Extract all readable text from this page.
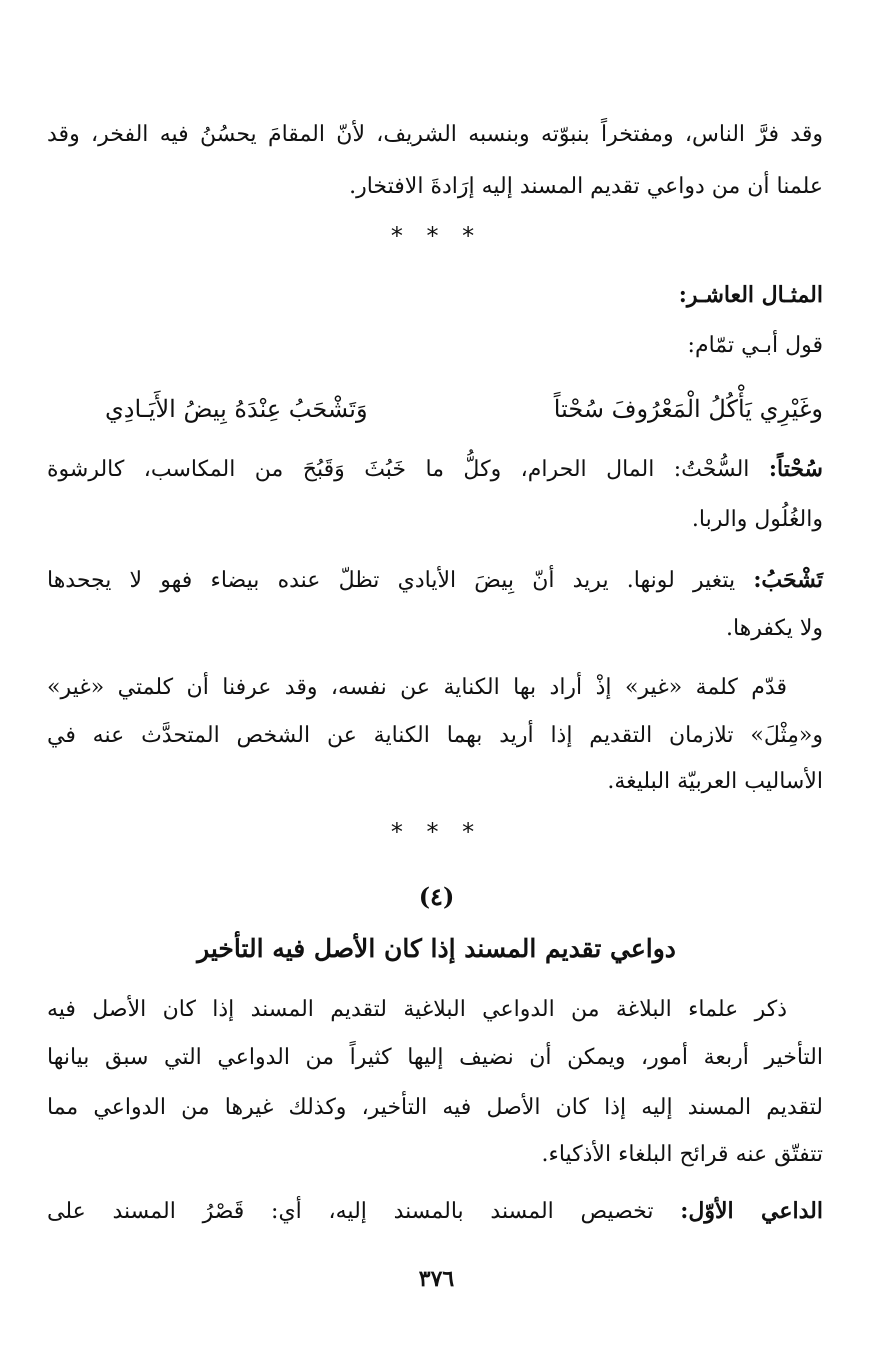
وقد فرَّ الناس، ومفتخراً بنبوّته وبنسبه الشريف، لأنّ المقامَ يحسُنُ فيه الفخر، وقد
علمنا أن من دواعي تقديم المسند إليه إرَادةَ الافتخار.
* * *
المثـال العاشـر:
قول أبـي تمّام:
وغَيْرِي يَأْكُلُ الْمَعْرُوفَ سُحْتاً
وَتَشْحَبُ عِنْدَهُ بِيضُ الأَيَـادِي
سُحْتاً: السُّحْتُ: المال الحرام، وكلُّ ما خَبُثَ وَقَبُحَ من المكاسب، كالرشوة
والغُلُول والربا.
تَشْحَبُ: يتغير لونها. يريد أنّ بِيضَ الأيادي تظلّ عنده بيضاء فهو لا يجحدها
ولا يكفرها.
قدّم كلمة «غير» إذْ أراد بها الكناية عن نفسه، وقد عرفنا أن كلمتي «غير»
و«مِثْلَ» تلازمان التقديم إذا أريد بهما الكناية عن الشخص المتحدَّث عنه في
الأساليب العربيّة البليغة.
* * *
(٤)
دواعي تقديم المسند إذا كان الأصل فيه التأخير
ذكر علماء البلاغة من الدواعي البلاغية لتقديم المسند إذا كان الأصل فيه
التأخير أربعة أمور، ويمكن أن نضيف إليها كثيراً من الدواعي التي سبق بيانها
لتقديم المسند إليه إذا كان الأصل فيه التأخير، وكذلك غيرها من الدواعي مما
تتفتّق عنه قرائح البلغاء الأذكياء.
الداعي الأوّل: تخصيص المسند بالمسند إليه، أي: قَصْرُ المسند على
٣٧٦
